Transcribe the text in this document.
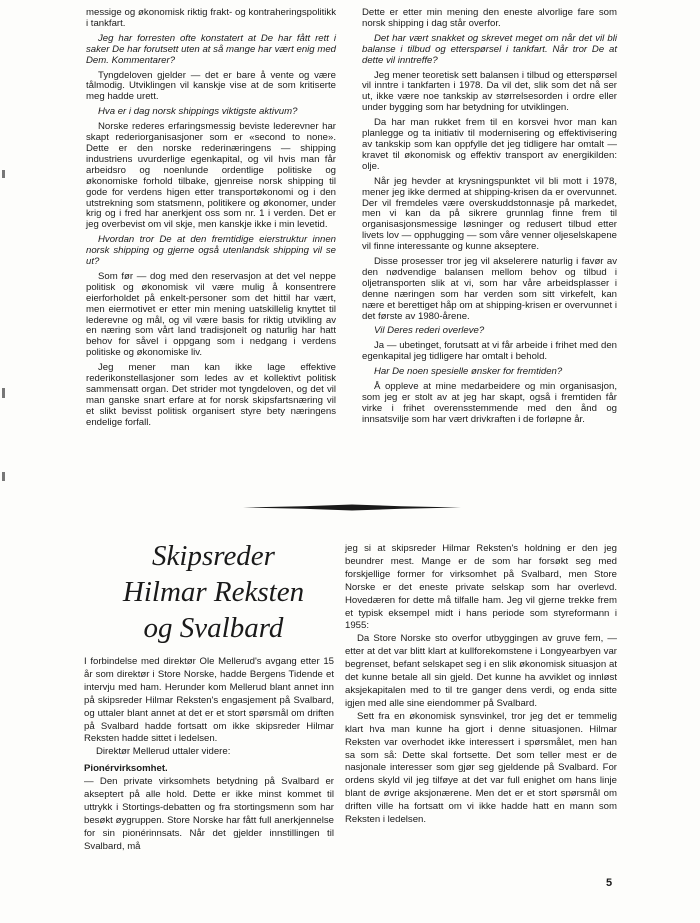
messige og økonomisk riktig frakt- og kontraheringspolitikk i tankfart.

Jeg har forresten ofte konstatert at De har fått rett i saker De har forutsett uten at så mange har vært enig med Dem. Kommentarer?

Tyngdeloven gjelder — det er bare å vente og være tålmodig. Utviklingen vil kanskje vise at de som kritiserte meg hadde urett.

Hva er i dag norsk shippings viktigste aktivum?

Norske rederes erfaringsmessig beviste lederevner har skapt rederiorganisasjoner som er «second to none». Dette er den norske rederinæringens — shipping industriens uvurderlige egenkapital, og vil hvis man får arbeidsro og noenlunde ordentlige politiske og økonomiske forhold tilbake, gjenreise norsk shipping til gode for verdens higen etter transportøkonomi og i den utstrekning som statsmenn, politikere og økonomer, under krig og i fred har anerkjent oss som nr. 1 i verden. Det er jeg overbevist om vil skje, men kanskje ikke i min levetid.

Hvordan tror De at den fremtidige eierstruktur innen norsk shipping og gjerne også utenlandsk shipping vil se ut?

Som før — dog med den reservasjon at det vel neppe politisk og økonomisk vil være mulig å konsentrere eierforholdet på enkelt-personer som det hittil har vært, men eiermotivet er etter min mening uatskillelig knyttet til lederevne og mål, og vil være basis for riktig utvikling av en næring som vårt land tradisjonelt og naturlig har hatt behov for såvel i oppgang som i nedgang i verdens politiske og økonomiske liv.

Jeg mener man kan ikke lage effektive rederikonstellasjoner som ledes av et kollektivt politisk sammensatt organ. Det strider mot tyngdeloven, og det vil man ganske snart erfare at for norsk skipsfartsnæring vil et slikt bevisst politisk organisert styre bety næringens endelige forfall.

Dette er etter min mening den eneste alvorlige fare som norsk shipping i dag står overfor.

Det har vært snakket og skrevet meget om når det vil bli balanse i tilbud og etterspørsel i tankfart. Når tror De at dette vil inntreffe?

Jeg mener teoretisk sett balansen i tilbud og etterspørsel vil inntre i tankfarten i 1978. Da vil det, slik som det nå ser ut, ikke være noe tankskip av størrelsesorden i ordre eller under bygging som har betydning for utviklingen.

Da har man rukket frem til en korsvei hvor man kan planlegge og ta initiativ til modernisering og effektivisering av tankskip som kan oppfylle det jeg tidligere har omtalt — kravet til økonomisk og effektiv transport av energikilden: olje.

Når jeg hevder at krysningspunktet vil bli mott i 1978, mener jeg ikke dermed at shipping-krisen da er overvunnet. Der vil fremdeles være overskuddstonnasje på markedet, men vi kan da på sikrere grunnlag finne frem til organisasjonsmessige løsninger og redusert tilbud etter livets lov — opphugging — som våre venner oljeselskapene vil finne interessante og kunne akseptere.

Disse prosesser tror jeg vil akselerere naturlig i favør av den nødvendige balansen mellom behov og tilbud i oljetransporten slik at vi, som har våre arbeidsplasser i denne næringen som har verden som sitt virkefelt, kan nære et berettiget håp om at shipping-krisen er overvunnet i det første av 1980-årene.

Vil Deres rederi overleve?

Ja — ubetinget, forutsatt at vi får arbeide i frihet med den egenkapital jeg tidligere har omtalt i behold.

Har De noen spesielle ønsker for fremtiden?

Å oppleve at mine medarbeidere og min organisasjon, som jeg er stolt av at jeg har skapt, også i fremtiden får virke i frihet overensstemmende med den ånd og innsatsvilje som har vært drivkraften i de forløpne år.

Skipsreder
Hilmar Reksten
og Svalbard

I forbindelse med direktør Ole Mellerud's avgang etter 15 år som direktør i Store Norske, hadde Bergens Tidende et intervju med ham. Herunder kom Mellerud blant annet inn på skipsreder Hilmar Reksten's engasjement på Svalbard, og uttaler blant annet at det er et stort spørsmål om driften på Svalbard hadde fortsatt om ikke skipsreder Hilmar Reksten hadde sittet i ledelsen.

Direktør Mellerud uttaler videre:

Pionérvirksomhet.

— Den private virksomhets betydning på Svalbard er akseptert på alle hold. Dette er ikke minst kommet til uttrykk i Stortings-debatten og fra stortingsmenn som har besøkt øygruppen. Store Norske har fått full anerkjennelse for sin pionérinnsats. Når det gjelder innstillingen til Svalbard, må

jeg si at skipsreder Hilmar Reksten's holdning er den jeg beundrer mest. Mange er de som har forsøkt seg med forskjellige former for virksomhet på Svalbard, men Store Norske er det eneste private selskap som har overlevd. Hovedæren for dette må tilfalle ham. Jeg vil gjerne trekke frem et typisk eksempel midt i hans periode som styreformann i 1955:

Da Store Norske sto overfor utbyggingen av gruve fem, — etter at det var blitt klart at kullforekomstene i Longyearbyen var begrenset, befant selskapet seg i en slik økonomisk situasjon at det kunne betale all sin gjeld. Det kunne ha avviklet og innløst aksjekapitalen med to til tre ganger dens verdi, og enda sitte igjen med alle sine eiendommer på Svalbard.

Sett fra en økonomisk synsvinkel, tror jeg det er temmelig klart hva man kunne ha gjort i denne situasjonen. Hilmar Reksten var overhodet ikke interessert i spørsmålet, men han sa som så: Dette skal fortsette. Det som teller mest er de nasjonale interesser som gjør seg gjeldende på Svalbard. For ordens skyld vil jeg tilføye at det var full enighet om hans linje blant de øvrige aksjonærene. Men det er et stort spørsmål om driften ville ha fortsatt om vi ikke hadde hatt en mann som Reksten i ledelsen.

5
